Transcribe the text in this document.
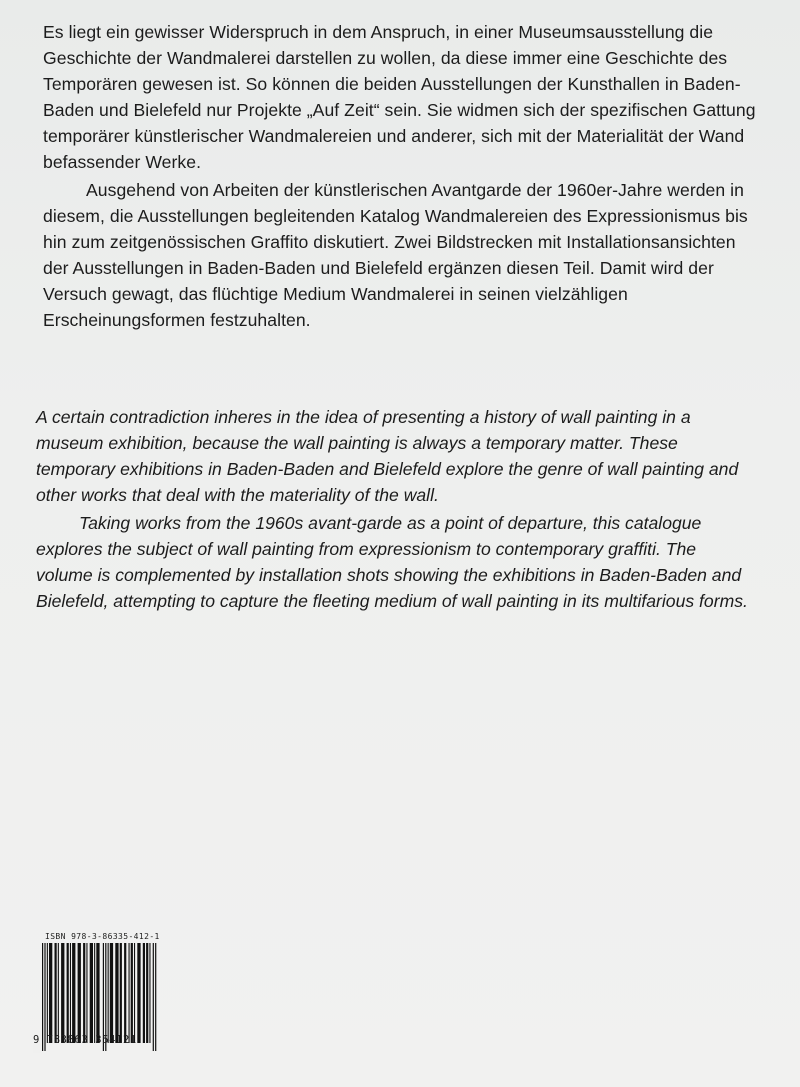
Es liegt ein gewisser Widerspruch in dem Anspruch, in einer Museumsausstellung die Geschichte der Wandmalerei darstellen zu wollen, da diese immer eine Geschichte des Temporären gewesen ist. So können die beiden Ausstellungen der Kunsthallen in Baden-Baden und Bielefeld nur Projekte „Auf Zeit“ sein. Sie widmen sich der spezifischen Gattung temporärer künstlerischer Wandmalereien und anderer, sich mit der Materialität der Wand befassender Werke.

Ausgehend von Arbeiten der künstlerischen Avantgarde der 1960er-Jahre werden in diesem, die Ausstellungen begleitenden Katalog Wandmalereien des Expressionismus bis hin zum zeitgenössischen Graffito diskutiert. Zwei Bildstrecken mit Installationsansichten der Ausstellungen in Baden-Baden und Bielefeld ergänzen diesen Teil. Damit wird der Versuch gewagt, das flüchtige Medium Wandmalerei in seinen vielzähligen Erscheinungsformen festzuhalten.

A certain contradiction inheres in the idea of presenting a history of wall painting in a museum exhibition, because the wall painting is always a temporary matter. These temporary exhibitions in Baden-Baden and Bielefeld explore the genre of wall painting and other works that deal with the materiality of the wall.

Taking works from the 1960s avant-garde as a point of departure, this catalogue explores the subject of wall painting from expressionism to contemporary graffiti. The volume is complemented by installation shots showing the exhibitions in Baden-Baden and Bielefeld, attempting to capture the fleeting medium of wall painting in its multifarious forms.

ISBN 978-3-86335-412-1
9 783863 354121
